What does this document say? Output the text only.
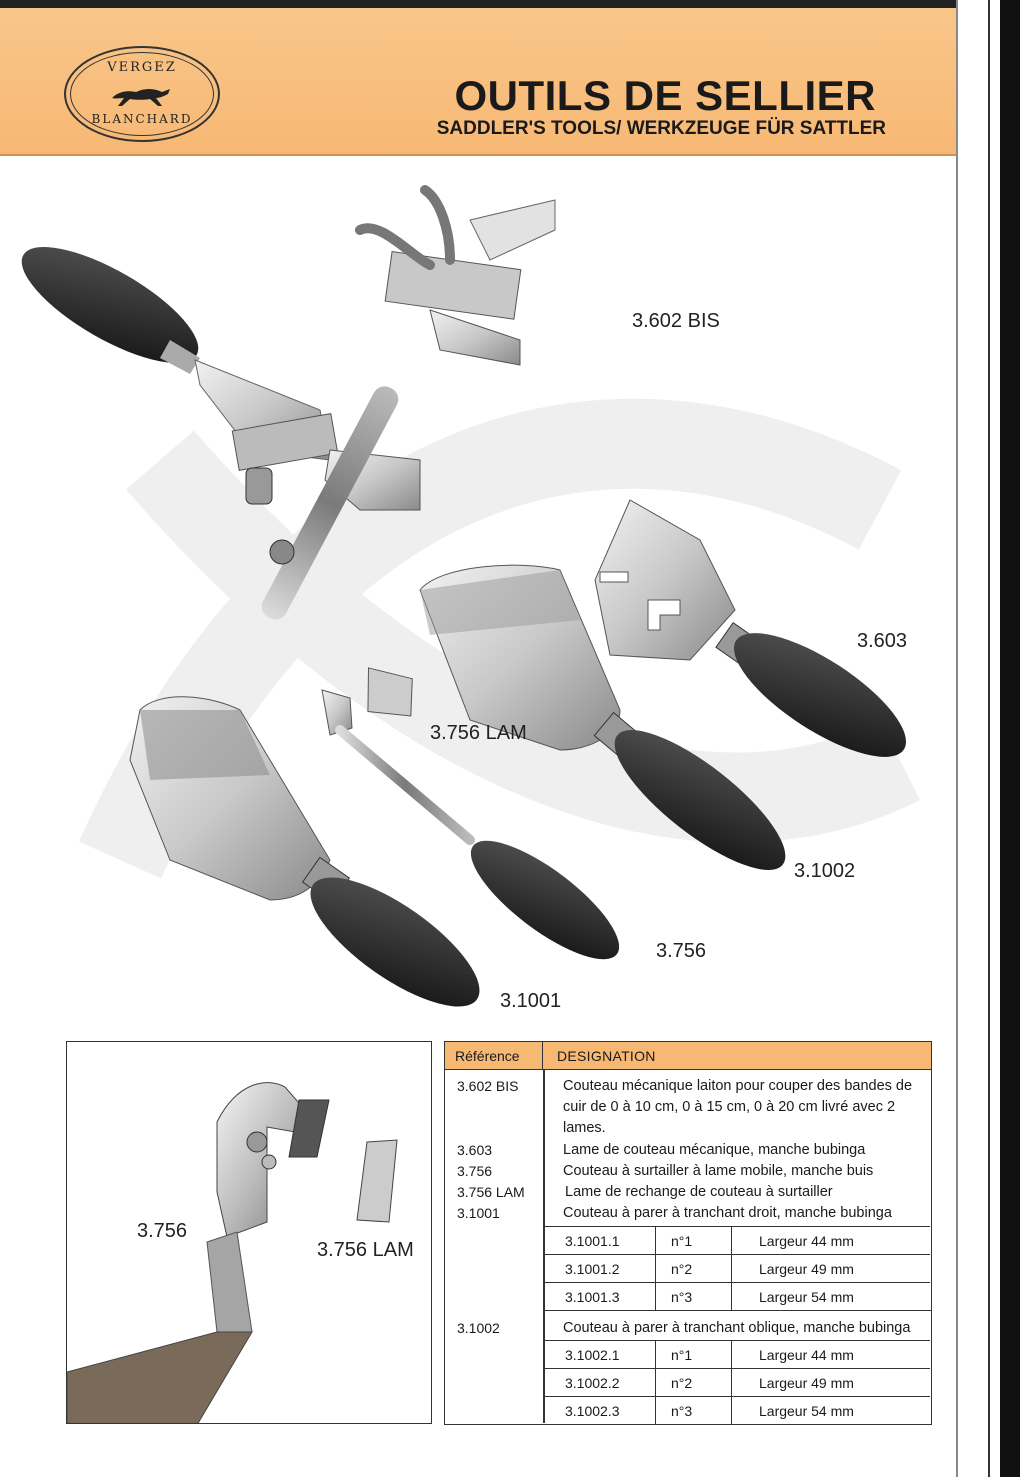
VERGEZ
BLANCHARD	OUTILS DE SELLIER
SADDLER'S TOOLS/ WERKZEUGE FÜR SATTLER
3.602 BIS
3.603
3.756 LAM
3.1002
3.756
3.1001
3.756
3.756 LAM
Référence	DESIGNATION
3.602 BIS	Couteau mécanique laiton pour couper des bandes de cuir de 0 à 10 cm, 0 à 15 cm, 0 à 20 cm livré avec 2 lames.
3.603	Lame de couteau mécanique, manche bubinga
3.756	Couteau à surtailler à lame mobile, manche buis
3.756 LAM	Lame de rechange de couteau à surtailler
3.1001	Couteau à parer à tranchant droit, manche bubinga
3.1001.1	n°1	Largeur 44 mm
3.1001.2	n°2	Largeur 49 mm
3.1001.3	n°3	Largeur 54 mm
3.1002	Couteau à parer à tranchant oblique, manche bubinga
3.1002.1	n°1	Largeur 44 mm
3.1002.2	n°2	Largeur 49 mm
3.1002.3	n°3	Largeur 54 mm
